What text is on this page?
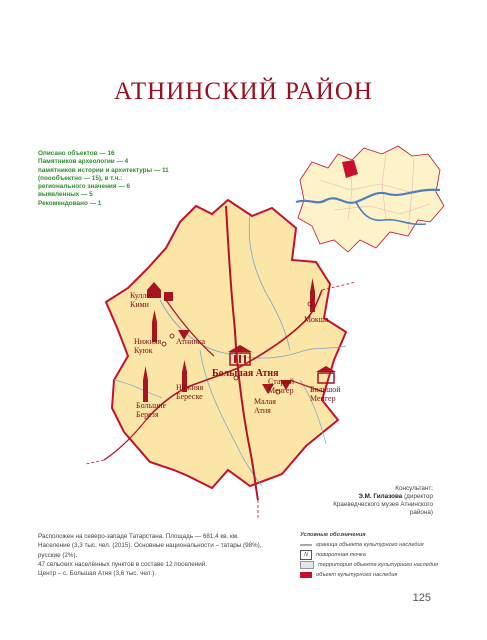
АТНИНСКИЙ РАЙОН
Описано объектов — 16
Памятников археологии — 4
памятников истории и архитектуры — 11
(поообъектно — 15), в т.ч.:
регионального значения — 6
выявленных — 5
Рекомендовано — 1
Кулле-
Кими
Нижняя
Куюк
Атнинка
Большая Атня
Нижняя
Береске
Большие
Березя
Малая
Атня
Старый
Менгер Большой
Менгер
Мокша
Консультант:
Э.М. Гилазова (директор
Краеведческого музея Атнинского
района)
Расположен на северо-западе Татарстана. Площадь — 681,4 кв. км.
Население (3,3 тыс. чел. (2015). Основные национальности – татары (98%),
русские (2%).
47 сельских населённых пунктов в составе 12 поселений.
Центр – с. Большая Атня (3,6 тыс. чел.).
Условные обозначения
граница объекта культурного наследия
N	поворотная точка
территория объекта культурного наследия
объект культурного наследия
125
